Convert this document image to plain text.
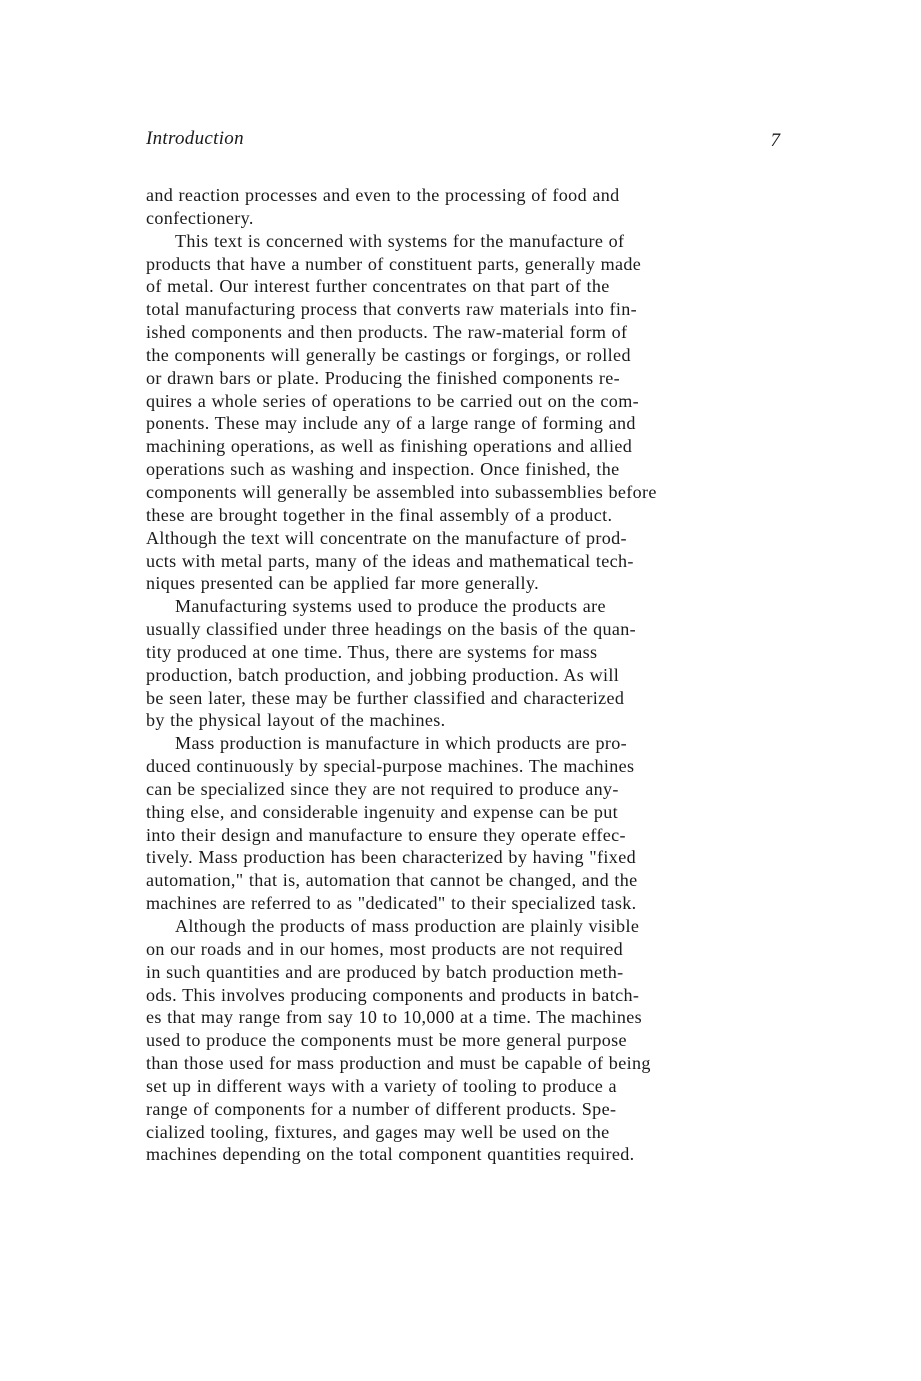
Introduction	7
and reaction processes and even to the processing of food and
confectionery.
This text is concerned with systems for the manufacture of
products that have a number of constituent parts, generally made
of metal. Our interest further concentrates on that part of the
total manufacturing process that converts raw materials into fin-
ished components and then products. The raw-material form of
the components will generally be castings or forgings, or rolled
or drawn bars or plate. Producing the finished components re-
quires a whole series of operations to be carried out on the com-
ponents. These may include any of a large range of forming and
machining operations, as well as finishing operations and allied
operations such as washing and inspection. Once finished, the
components will generally be assembled into subassemblies before
these are brought together in the final assembly of a product.
Although the text will concentrate on the manufacture of prod-
ucts with metal parts, many of the ideas and mathematical tech-
niques presented can be applied far more generally.
Manufacturing systems used to produce the products are
usually classified under three headings on the basis of the quan-
tity produced at one time. Thus, there are systems for mass
production, batch production, and jobbing production. As will
be seen later, these may be further classified and characterized
by the physical layout of the machines.
Mass production is manufacture in which products are pro-
duced continuously by special-purpose machines. The machines
can be specialized since they are not required to produce any-
thing else, and considerable ingenuity and expense can be put
into their design and manufacture to ensure they operate effec-
tively. Mass production has been characterized by having "fixed
automation," that is, automation that cannot be changed, and the
machines are referred to as "dedicated" to their specialized task.
Although the products of mass production are plainly visible
on our roads and in our homes, most products are not required
in such quantities and are produced by batch production meth-
ods. This involves producing components and products in batch-
es that may range from say 10 to 10,000 at a time. The machines
used to produce the components must be more general purpose
than those used for mass production and must be capable of being
set up in different ways with a variety of tooling to produce a
range of components for a number of different products. Spe-
cialized tooling, fixtures, and gages may well be used on the
machines depending on the total component quantities required.
